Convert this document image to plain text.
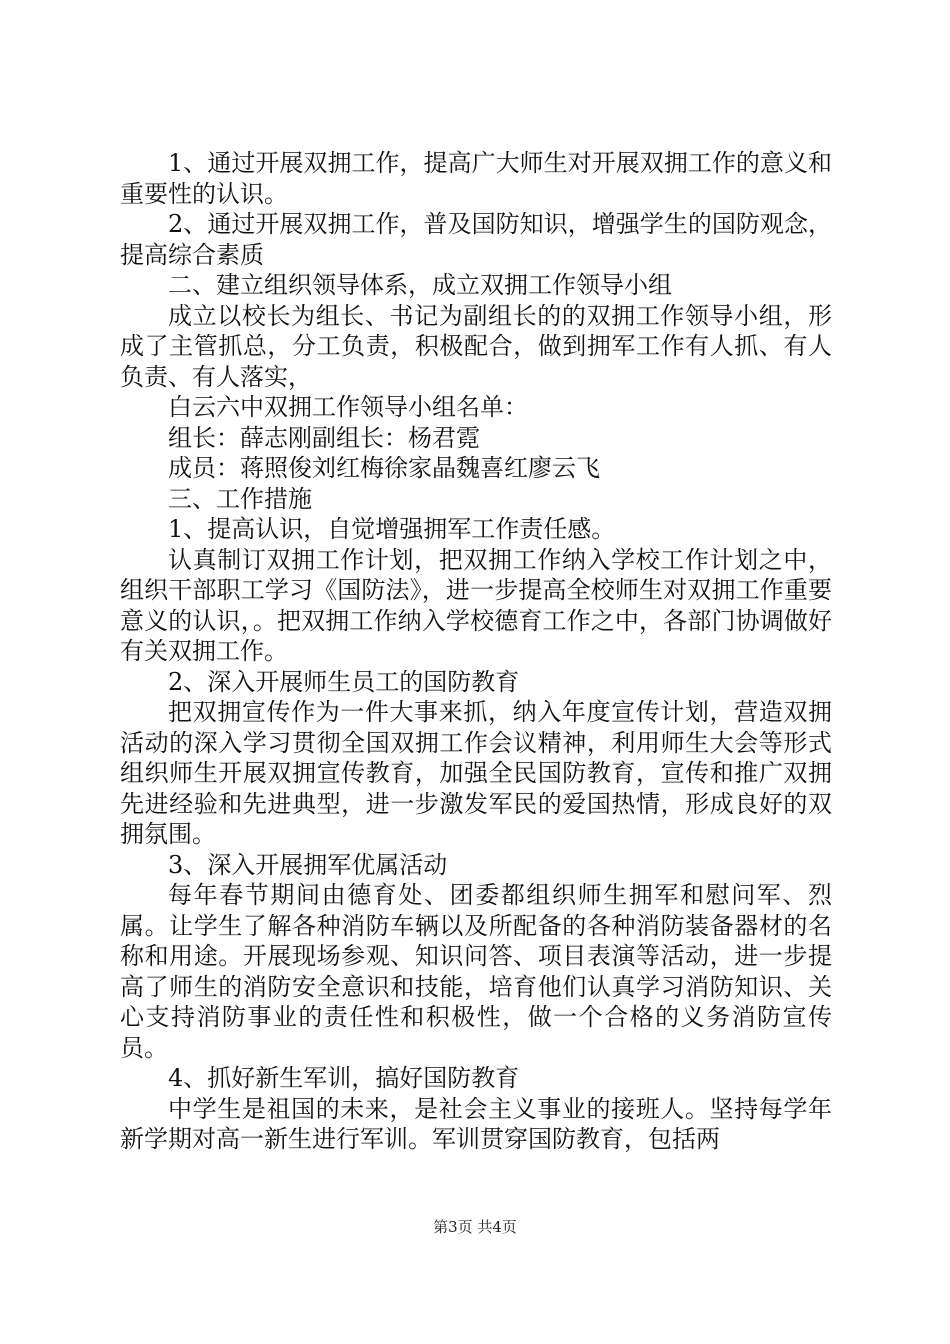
1、通过开展双拥工作，提高广大师生对开展双拥工作的意义和重要性的认识。

2、通过开展双拥工作，普及国防知识，增强学生的国防观念，提高综合素质

二、建立组织领导体系，成立双拥工作领导小组

成立以校长为组长、书记为副组长的的双拥工作领导小组，形成了主管抓总，分工负责，积极配合，做到拥军工作有人抓、有人负责、有人落实，

白云六中双拥工作领导小组名单：

组长：薛志刚副组长：杨君霓

成员：蒋照俊刘红梅徐家晶魏喜红廖云飞

三、工作措施

1、提高认识，自觉增强拥军工作责任感。

认真制订双拥工作计划，把双拥工作纳入学校工作计划之中，组织干部职工学习《国防法》，进一步提高全校师生对双拥工作重要意义的认识，。把双拥工作纳入学校德育工作之中，各部门协调做好有关双拥工作。

2、深入开展师生员工的国防教育

把双拥宣传作为一件大事来抓，纳入年度宣传计划，营造双拥活动的深入学习贯彻全国双拥工作会议精神，利用师生大会等形式组织师生开展双拥宣传教育，加强全民国防教育，宣传和推广双拥先进经验和先进典型，进一步激发军民的爱国热情，形成良好的双拥氛围。

3、深入开展拥军优属活动

每年春节期间由德育处、团委都组织师生拥军和慰问军、烈属。让学生了解各种消防车辆以及所配备的各种消防装备器材的名称和用途。开展现场参观、知识问答、项目表演等活动，进一步提高了师生的消防安全意识和技能，培育他们认真学习消防知识、关心支持消防事业的责任性和积极性，做一个合格的义务消防宣传员。

4、抓好新生军训，搞好国防教育

中学生是祖国的未来，是社会主义事业的接班人。坚持每学年新学期对高一新生进行军训。军训贯穿国防教育，包括两

第3页 共4页
